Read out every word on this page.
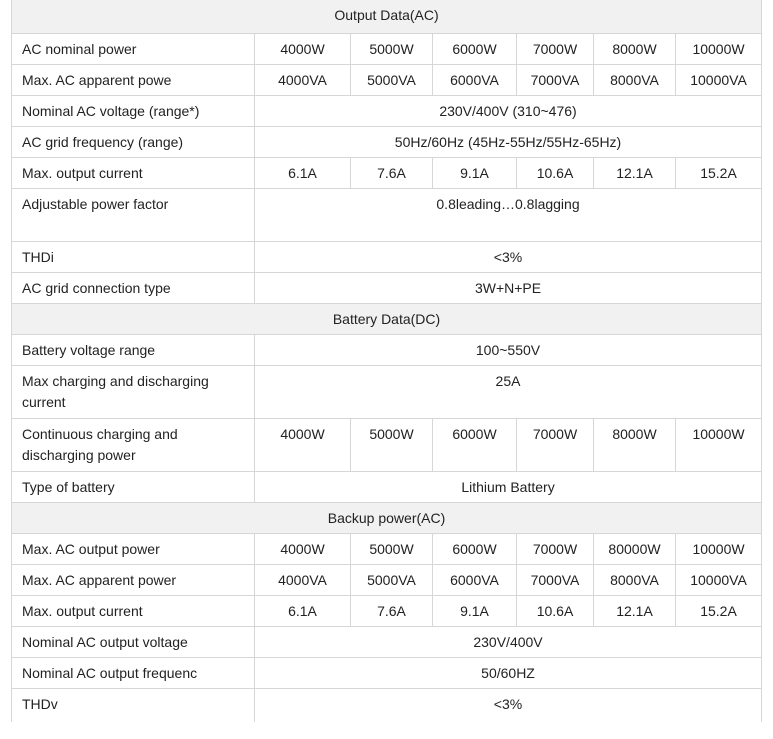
Output Data(AC)						
AC nominal power	4000W	5000W	6000W	7000W	8000W	10000W
Max. AC apparent powe	4000VA	5000VA	6000VA	7000VA	8000VA	10000VA
Nominal AC voltage (range*)	230V/400V (310~476)					
AC grid frequency (range)	50Hz/60Hz (45Hz-55Hz/55Hz-65Hz)					
Max. output current	6.1A	7.6A	9.1A	10.6A	12.1A	15.2A
Adjustable power factor	0.8leading…0.8lagging					
THDi	<3%					
AC grid connection type	3W+N+PE					
Battery Data(DC)						
Battery voltage range	100~550V					
Max charging and discharging current	25A					
Continuous charging and discharging power	4000W	5000W	6000W	7000W	8000W	10000W
Type of battery	Lithium Battery					
Backup power(AC)						
Max. AC output power	4000W	5000W	6000W	7000W	80000W	10000W
Max. AC apparent power	4000VA	5000VA	6000VA	7000VA	8000VA	10000VA
Max. output current	6.1A	7.6A	9.1A	10.6A	12.1A	15.2A
Nominal AC output voltage	230V/400V					
Nominal AC output frequenc	50/60HZ					
THDv	<3%					
